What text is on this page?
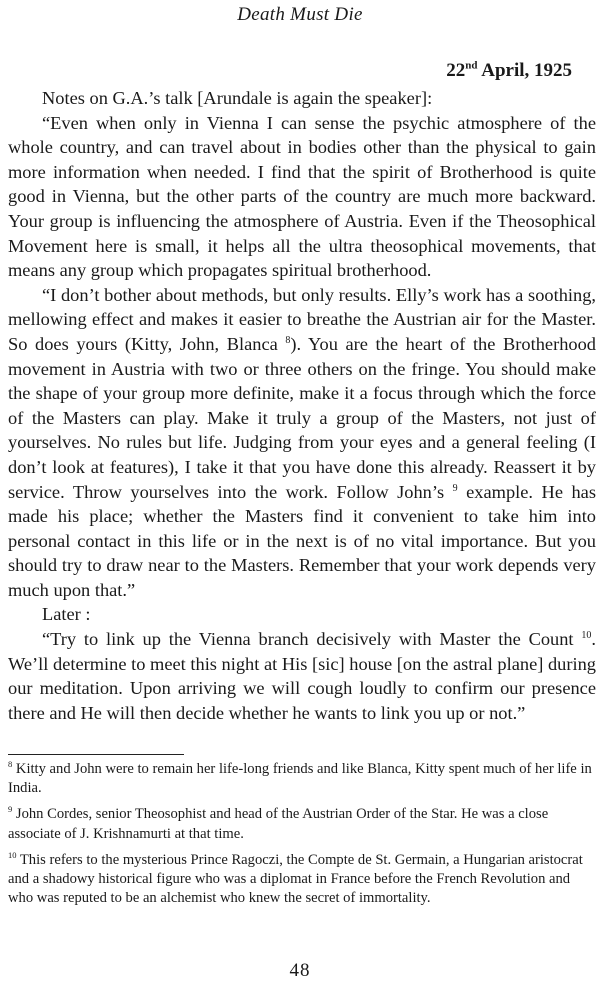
Death Must Die
22nd April, 1925

Notes on G.A.’s talk [Arundale is again the speaker]:

“Even when only in Vienna I can sense the psychic atmosphere of the whole country, and can travel about in bodies other than the physical to gain more information when needed. I find that the spirit of Brotherhood is quite good in Vienna, but the other parts of the country are much more backward. Your group is influencing the atmosphere of Austria. Even if the Theosophical Movement here is small, it helps all the ultra theosophical movements, that means any group which propagates spiritual brotherhood.

“I don’t bother about methods, but only results. Elly’s work has a soothing, mellowing effect and makes it easier to breathe the Austrian air for the Master. So does yours (Kitty, John, Blanca $^8$). You are the heart of the Brotherhood movement in Austria with two or three others on the fringe. You should make the shape of your group more definite, make it a focus through which the force of the Masters can play. Make it truly a group of the Masters, not just of yourselves. No rules but life. Judging from your eyes and a general feeling (I don’t look at features), I take it that you have done this already. Reassert it by service. Throw yourselves into the work. Follow John’s $^9$ example. He has made his place; whether the Masters find it convenient to take him into personal contact in this life or in the next is of no vital importance. But you should try to draw near to the Masters. Remember that your work depends very much upon that.”

Later :

“Try to link up the Vienna branch decisively with Master the Count $^{10}$. We’ll determine to meet this night at His [sic] house [on the astral plane] during our meditation. Upon arriving we will cough loudly to confirm our presence there and He will then decide whether he wants to link you up or not.”

$^8$ Kitty and John were to remain her life-long friends and like Blanca, Kitty spent much of her life in India.

$^9$ John Cordes, senior Theosophist and head of the Austrian Order of the Star. He was a close associate of J. Krishnamurti at that time.

$^{10}$ This refers to the mysterious Prince Ragoczi, the Compte de St. Germain, a Hungarian aristocrat and a shadowy historical figure who was a diplomat in France before the French Revolution and who was reputed to be an alchemist who knew the secret of immortality.

48
